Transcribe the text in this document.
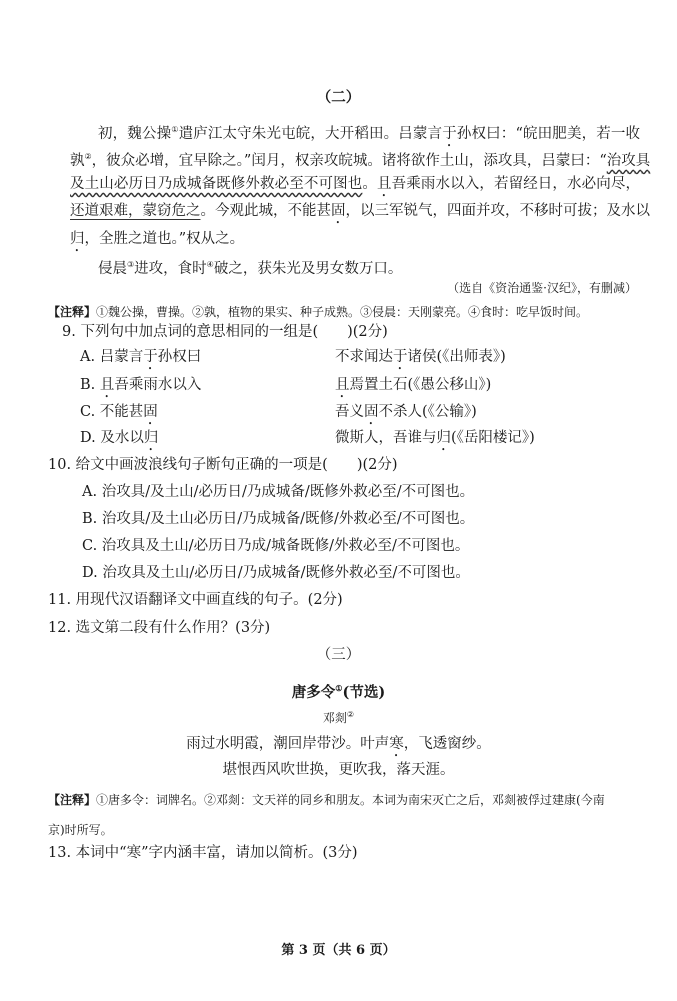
（二）
初，魏公操①遣庐江太守朱光屯皖，大开稻田。吕蒙言于孙权曰：“皖田肥美，若一收
孰②，彼众必增，宜早除之。”闰月，权亲攻皖城。诸将欲作土山，添攻具，吕蒙曰：“治攻具
及土山必历日乃成城备既修外救必至不可图也。且吾乘雨水以入，若留经日，水必向尽，
还道艰难，蒙窃危之。今观此城，不能甚固，以三军锐气，四面并攻，不移时可拔；及水以
归，全胜之道也。”权从之。
侵晨③进攻，食时④破之，获朱光及男女数万口。
（选自《资治通鉴·汉纪》，有删减）
【注释】①魏公操，曹操。②孰，植物的果实、种子成熟。③侵晨：天刚蒙亮。④食时：吃早饭时间。
9. 下列句中加点词的意思相同的一组是(　　)(2分)
A. 吕蒙言于孙权曰	不求闻达于诸侯(《出师表》)
B. 且吾乘雨水以入	且焉置土石(《愚公移山》)
C. 不能甚固	吾义固不杀人(《公输》)
D. 及水以归	微斯人，吾谁与归(《岳阳楼记》)
10. 给文中画波浪线句子断句正确的一项是(　　)(2分)
A. 治攻具/及土山/必历日/乃成城备/既修外救必至/不可图也。
B. 治攻具/及土山必历日/乃成城备/既修/外救必至/不可图也。
C. 治攻具及土山/必历日乃成/城备既修/外救必至/不可图也。
D. 治攻具及土山/必历日/乃成城备/既修外救必至/不可图也。
11. 用现代汉语翻译文中画直线的句子。(2分)
12. 选文第二段有什么作用？(3分)
（三）
唐多令①(节选)
邓剡②
雨过水明霞，潮回岸带沙。叶声寒，飞透窗纱。
堪恨西风吹世换，更吹我，落天涯。
【注释】①唐多令：词牌名。②邓剡：文天祥的同乡和朋友。本词为南宋灭亡之后，邓剡被俘过建康(今南
京)时所写。
13. 本词中“寒”字内涵丰富，请加以简析。(3分)
第 3 页（共 6 页）
